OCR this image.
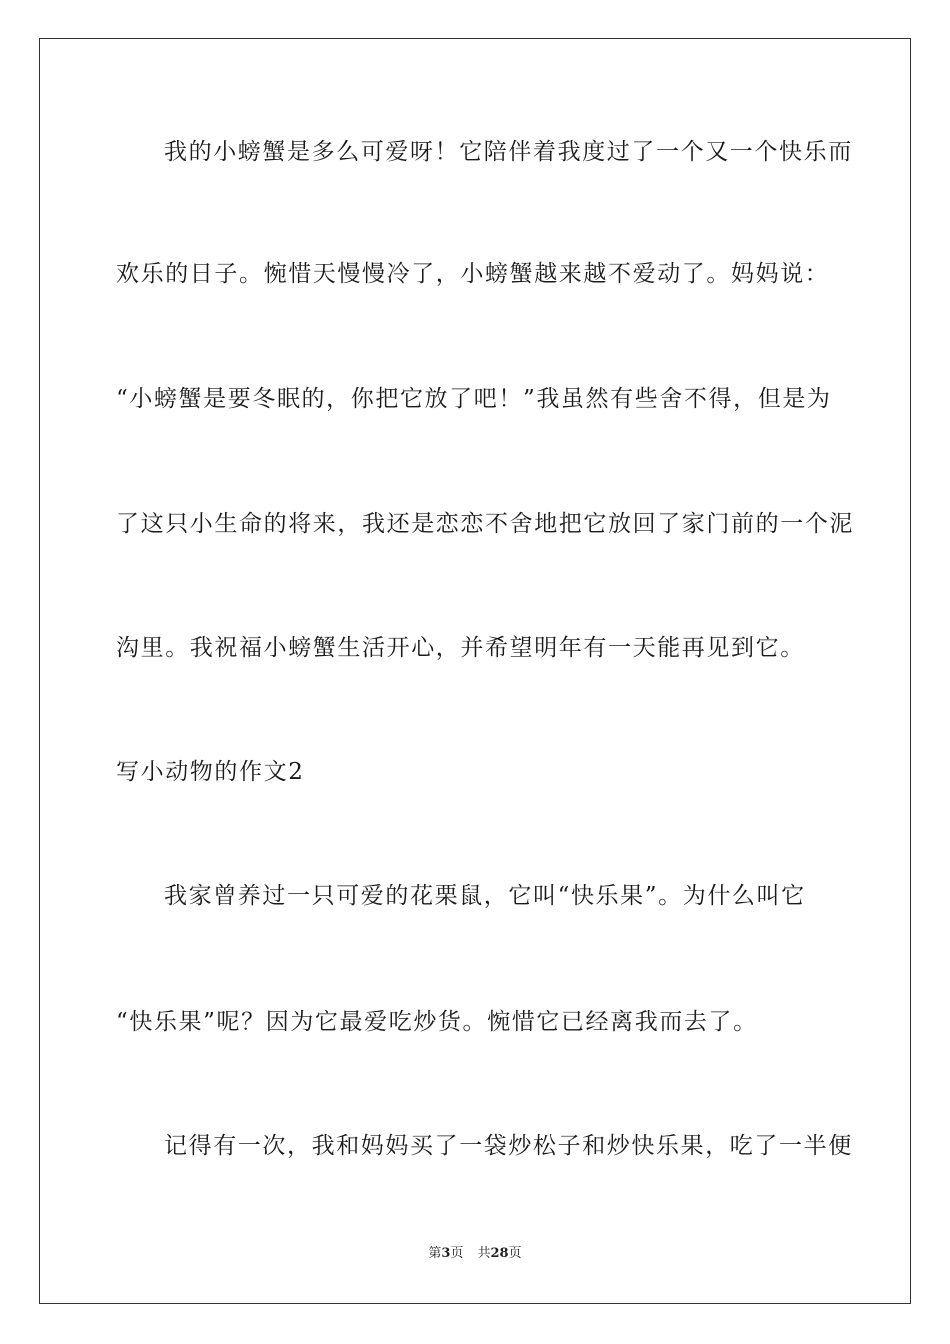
我的小螃蟹是多么可爱呀！它陪伴着我度过了一个又一个快乐而
欢乐的日子。惋惜天慢慢冷了，小螃蟹越来越不爱动了。妈妈说：
“小螃蟹是要冬眠的，你把它放了吧！”我虽然有些舍不得，但是为
了这只小生命的将来，我还是恋恋不舍地把它放回了家门前的一个泥
沟里。我祝福小螃蟹生活开心，并希望明年有一天能再见到它。
写小动物的作文2
我家曾养过一只可爱的花栗鼠，它叫“快乐果”。为什么叫它
“快乐果”呢？因为它最爱吃炒货。惋惜它已经离我而去了。
记得有一次，我和妈妈买了一袋炒松子和炒快乐果，吃了一半便
第3页 共28页
